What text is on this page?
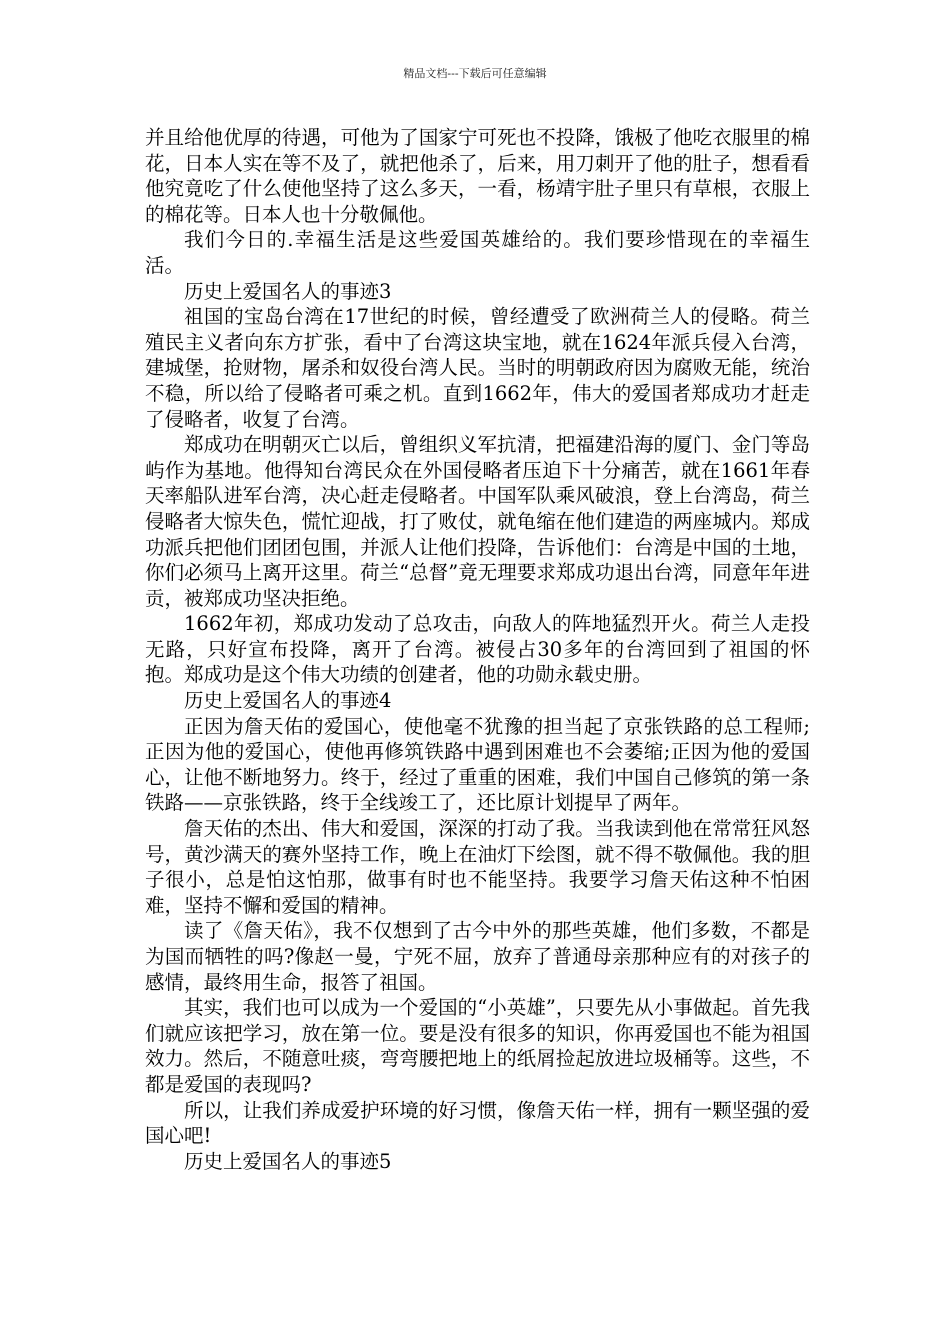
精品文档---下载后可任意编辑

并且给他优厚的待遇，可他为了国家宁可死也不投降，饿极了他吃衣服里的棉花，日本人实在等不及了，就把他杀了，后来，用刀刺开了他的肚子，想看看他究竟吃了什么使他坚持了这么多天，一看，杨靖宇肚子里只有草根，衣服上的棉花等。日本人也十分敬佩他。

我们今日的.幸福生活是这些爱国英雄给的。我们要珍惜现在的幸福生活。

历史上爱国名人的事迹3

祖国的宝岛台湾在17世纪的时候，曾经遭受了欧洲荷兰人的侵略。荷兰殖民主义者向东方扩张，看中了台湾这块宝地，就在1624年派兵侵入台湾，建城堡，抢财物，屠杀和奴役台湾人民。当时的明朝政府因为腐败无能，统治不稳，所以给了侵略者可乘之机。直到1662年，伟大的爱国者郑成功才赶走了侵略者，收复了台湾。

郑成功在明朝灭亡以后，曾组织义军抗清，把福建沿海的厦门、金门等岛屿作为基地。他得知台湾民众在外国侵略者压迫下十分痛苦，就在1661年春天率船队进军台湾，决心赶走侵略者。中国军队乘风破浪，登上台湾岛，荷兰侵略者大惊失色，慌忙迎战，打了败仗，就龟缩在他们建造的两座城内。郑成功派兵把他们团团包围，并派人让他们投降，告诉他们：台湾是中国的土地，你们必须马上离开这里。荷兰“总督”竟无理要求郑成功退出台湾，同意年年进贡，被郑成功坚决拒绝。

1662年初，郑成功发动了总攻击，向敌人的阵地猛烈开火。荷兰人走投无路，只好宣布投降，离开了台湾。被侵占30多年的台湾回到了祖国的怀抱。郑成功是这个伟大功绩的创建者，他的功勋永载史册。

历史上爱国名人的事迹4

正因为詹天佑的爱国心，使他毫不犹豫的担当起了京张铁路的总工程师;正因为他的爱国心，使他再修筑铁路中遇到困难也不会萎缩;正因为他的爱国心，让他不断地努力。终于，经过了重重的困难，我们中国自己修筑的第一条铁路——京张铁路，终于全线竣工了，还比原计划提早了两年。

詹天佑的杰出、伟大和爱国，深深的打动了我。当我读到他在常常狂风怒号，黄沙满天的赛外坚持工作，晚上在油灯下绘图，就不得不敬佩他。我的胆子很小，总是怕这怕那，做事有时也不能坚持。我要学习詹天佑这种不怕困难，坚持不懈和爱国的精神。

读了《詹天佑》，我不仅想到了古今中外的那些英雄，他们多数，不都是为国而牺牲的吗?像赵一曼，宁死不屈，放弃了普通母亲那种应有的对孩子的感情，最终用生命，报答了祖国。

其实，我们也可以成为一个爱国的“小英雄”，只要先从小事做起。首先我们就应该把学习，放在第一位。要是没有很多的知识，你再爱国也不能为祖国效力。然后，不随意吐痰，弯弯腰把地上的纸屑捡起放进垃圾桶等。这些，不都是爱国的表现吗?

所以，让我们养成爱护环境的好习惯，像詹天佑一样，拥有一颗坚强的爱国心吧!

历史上爱国名人的事迹5
